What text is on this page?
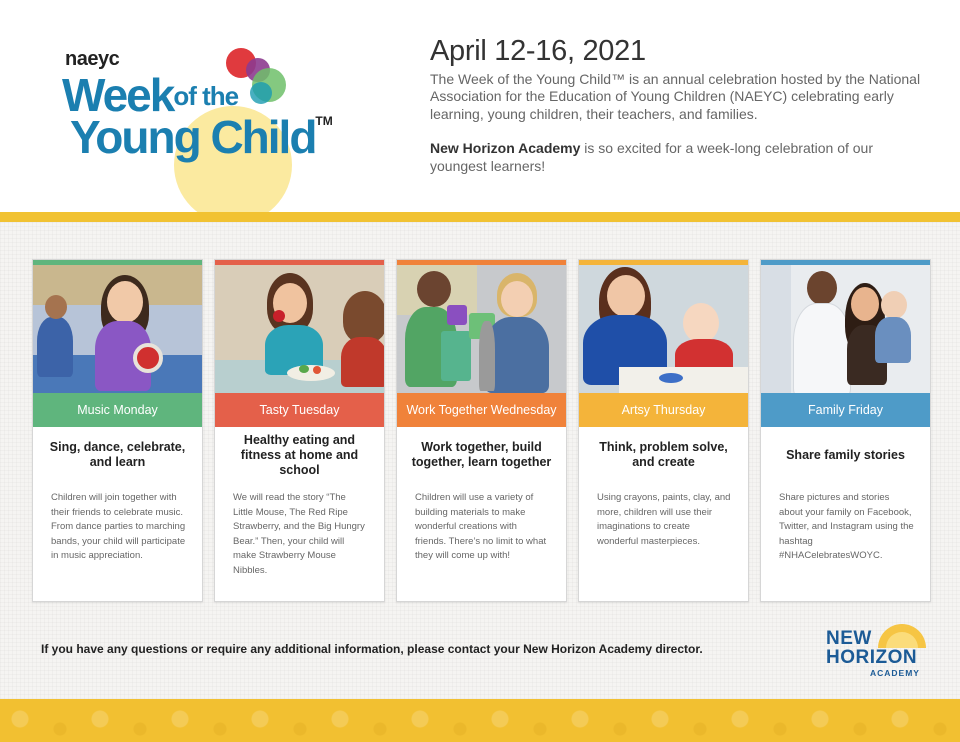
naeyc
Weekof the
Young Child™
April 12-16, 2021

The Week of the Young Child™ is an annual celebration hosted by the National Association for the Education of Young Children (NAEYC) celebrating early learning, young children, their teachers, and families.

New Horizon Academy is so excited for a week-long celebration of our youngest learners!

Music Monday
Sing, dance, celebrate, and learn
Children will join together with their friends to celebrate music. From dance parties to marching bands, your child will participate in music appreciation.
Tasty Tuesday
Healthy eating and fitness at home and school
We will read the story “The Little Mouse, The Red Ripe Strawberry, and the Big Hungry Bear.” Then, your child will make Strawberry Mouse Nibbles.
Work Together Wednesday
Work together, build together, learn together
Children will use a variety of building materials to make wonderful creations with friends. There’s no limit to what they will come up with!
Artsy Thursday
Think, problem solve, and create
Using crayons, paints, clay, and more, children will use their imaginations to create wonderful masterpieces.
Family Friday
Share family stories
Share pictures and stories about your family on Facebook, Twitter, and Instagram using the hashtag #NHACelebratesWOYC.
If you have any questions or require any additional information, please contact your New Horizon Academy director.	NEW
HORIZON
ACADEMY
